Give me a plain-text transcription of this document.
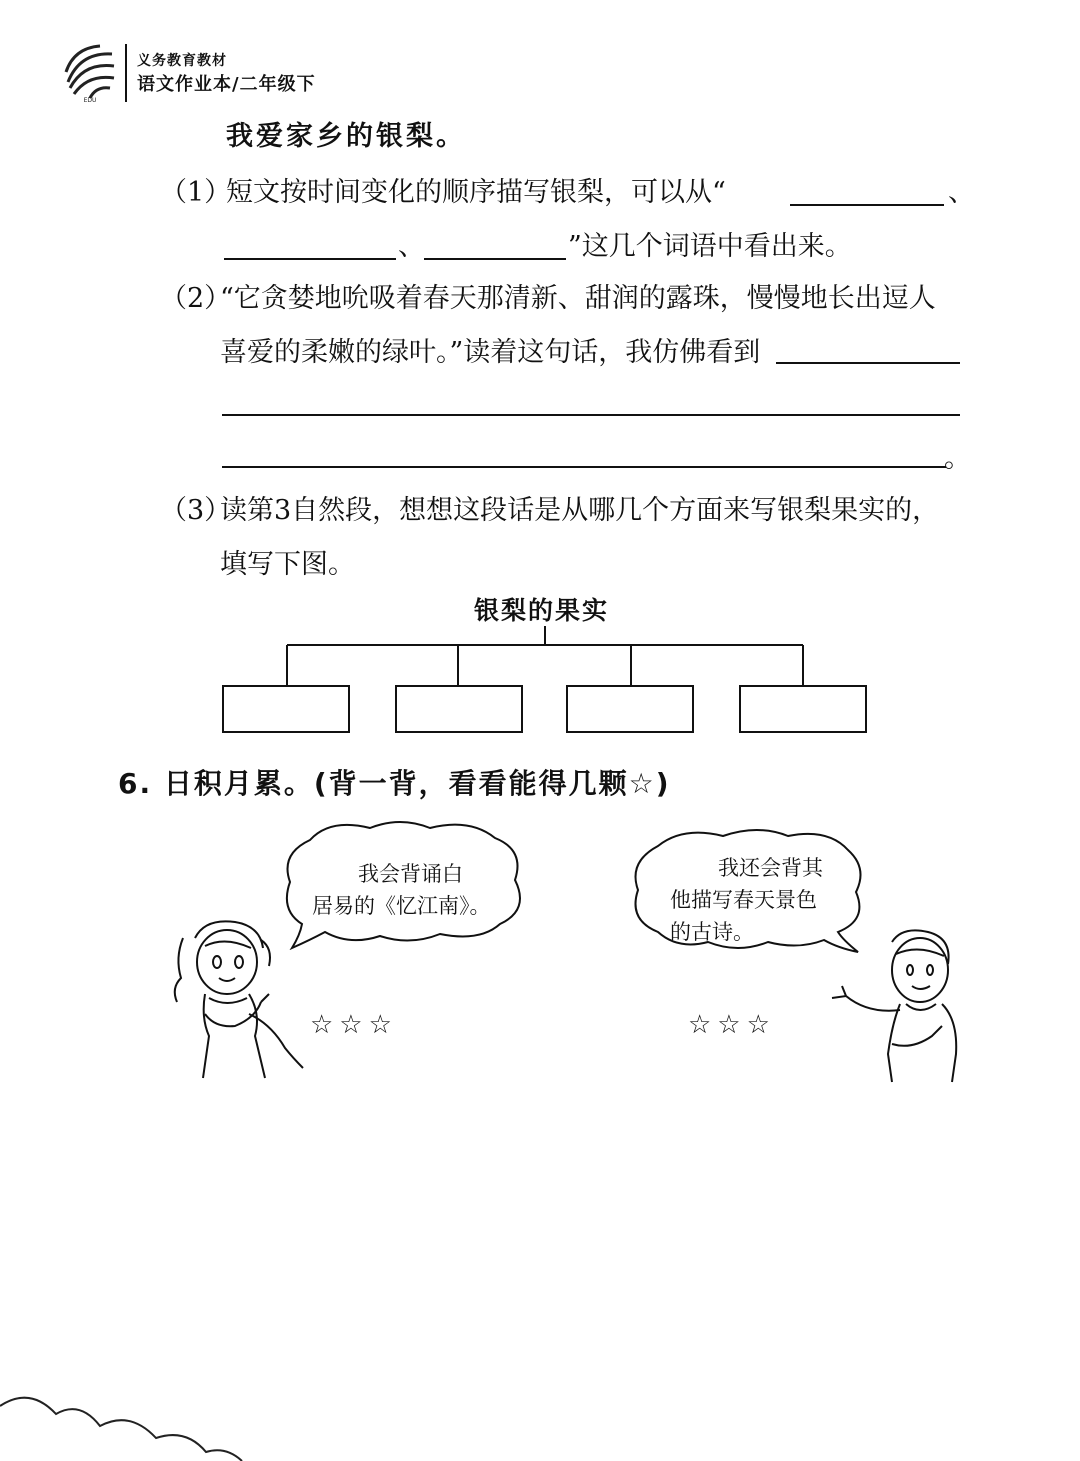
EDU
义务教育教材
语文作业本/二年级下
我爱家乡的银梨。
（1）
短文按时间变化的顺序描写银梨，可以从“	、
、	”这几个词语中看出来。
（2）
“它贪婪地吮吸着春天那清新、甜润的露珠，慢慢地长出逗人
喜爱的柔嫩的绿叶。”读着这句话，我仿佛看到
。
（3）
读第3自然段，想想这段话是从哪几个方面来写银梨果实的，
填写下图。
银梨的果实
6. 日积月累。(背一背，看看能得几颗☆)
我会背诵白
居易的《忆江南》。
我还会背其
他描写春天景色
的古诗。
☆☆☆	☆☆☆
